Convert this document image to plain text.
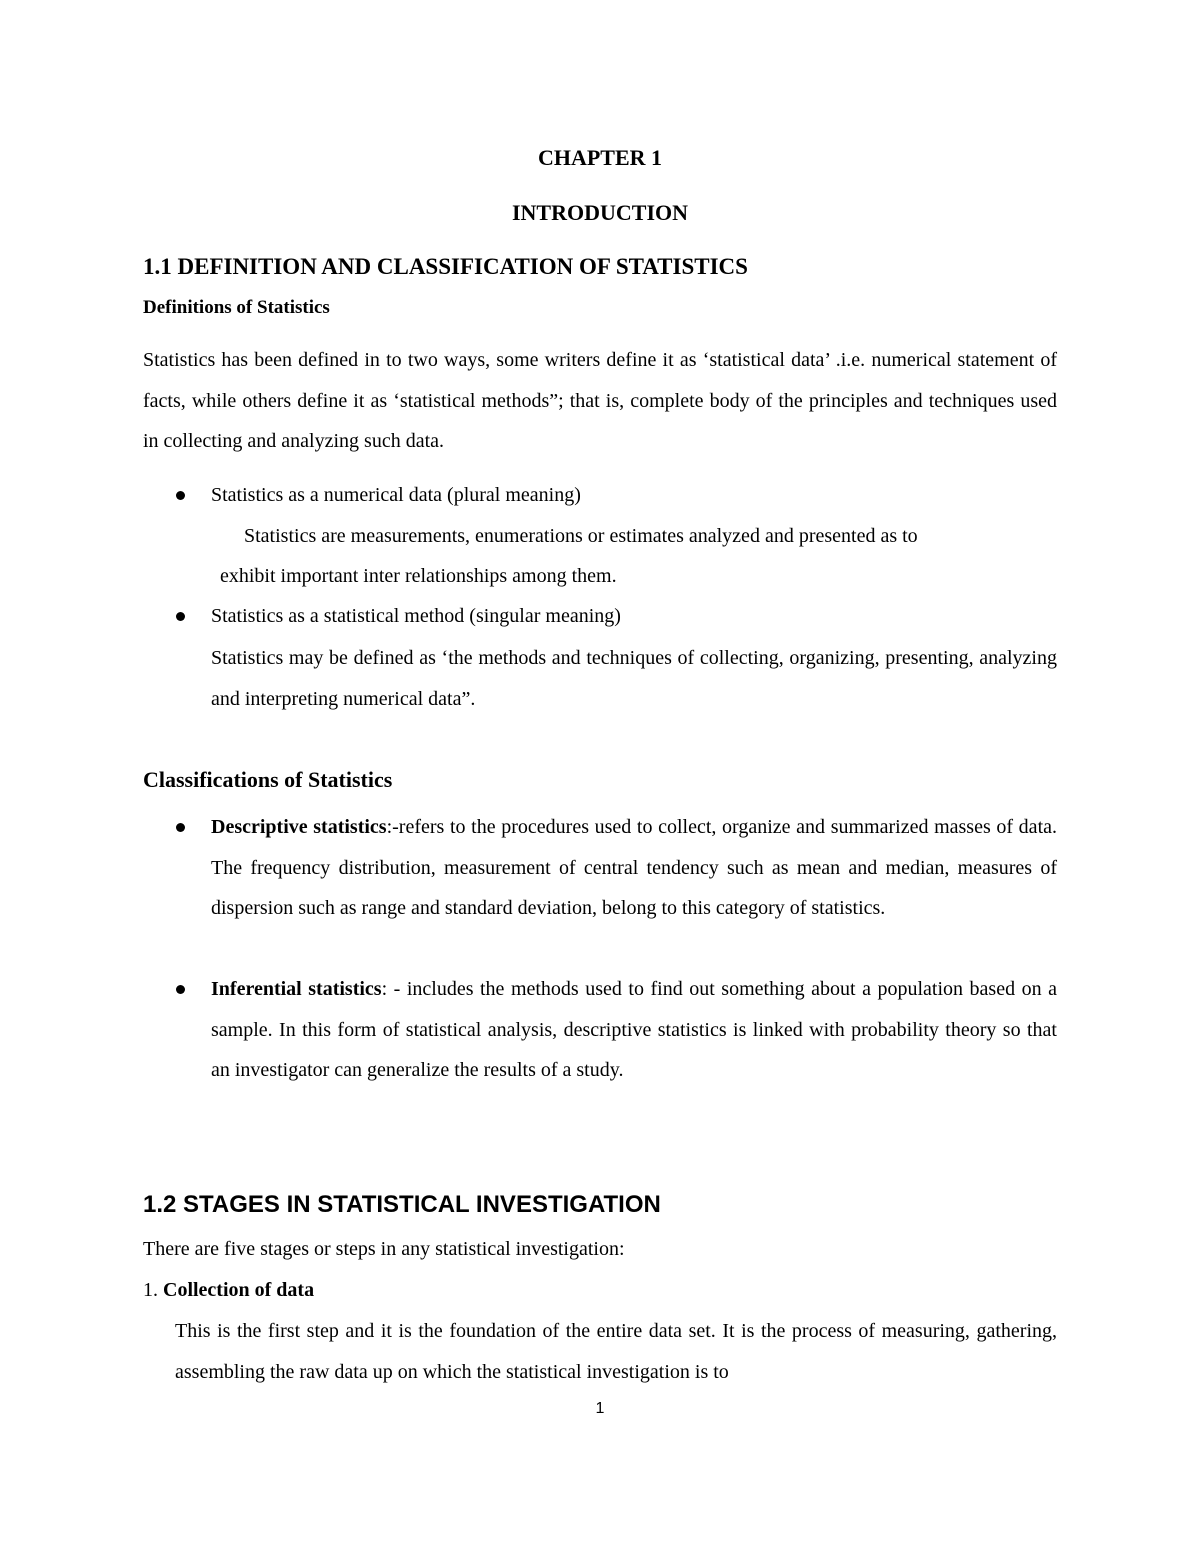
CHAPTER 1
INTRODUCTION
1.1 DEFINITION AND CLASSIFICATION OF STATISTICS
Definitions of Statistics

Statistics has been defined in to two ways, some writers define it as ‘statistical data’ .i.e. numerical statement of facts, while others define it as ‘statistical methods”; that is, complete body of the principles and techniques used in collecting and analyzing such data.

Statistics as a numerical data (plural meaning)

Statistics are measurements, enumerations or estimates analyzed and presented as to

exhibit important inter relationships among them.

Statistics as a statistical method (singular meaning)

Statistics may be defined as ‘the methods and techniques of collecting, organizing, presenting, analyzing and interpreting numerical data”.

Classifications of Statistics

Descriptive statistics:-refers to the procedures used to collect, organize and summarized masses of data. The frequency distribution, measurement of central tendency such as mean and median, measures of dispersion such as range and standard deviation, belong to this category of statistics.

Inferential statistics: - includes the methods used to find out something about a population based on a sample. In this form of statistical analysis, descriptive statistics is linked with probability theory so that an investigator can generalize the results of a study.

1.2 STAGES IN STATISTICAL INVESTIGATION

There are five stages or steps in any statistical investigation:

1. Collection of data

This is the first step and it is the foundation of the entire data set. It is the process of measuring, gathering, assembling the raw data up on which the statistical investigation is to

1
